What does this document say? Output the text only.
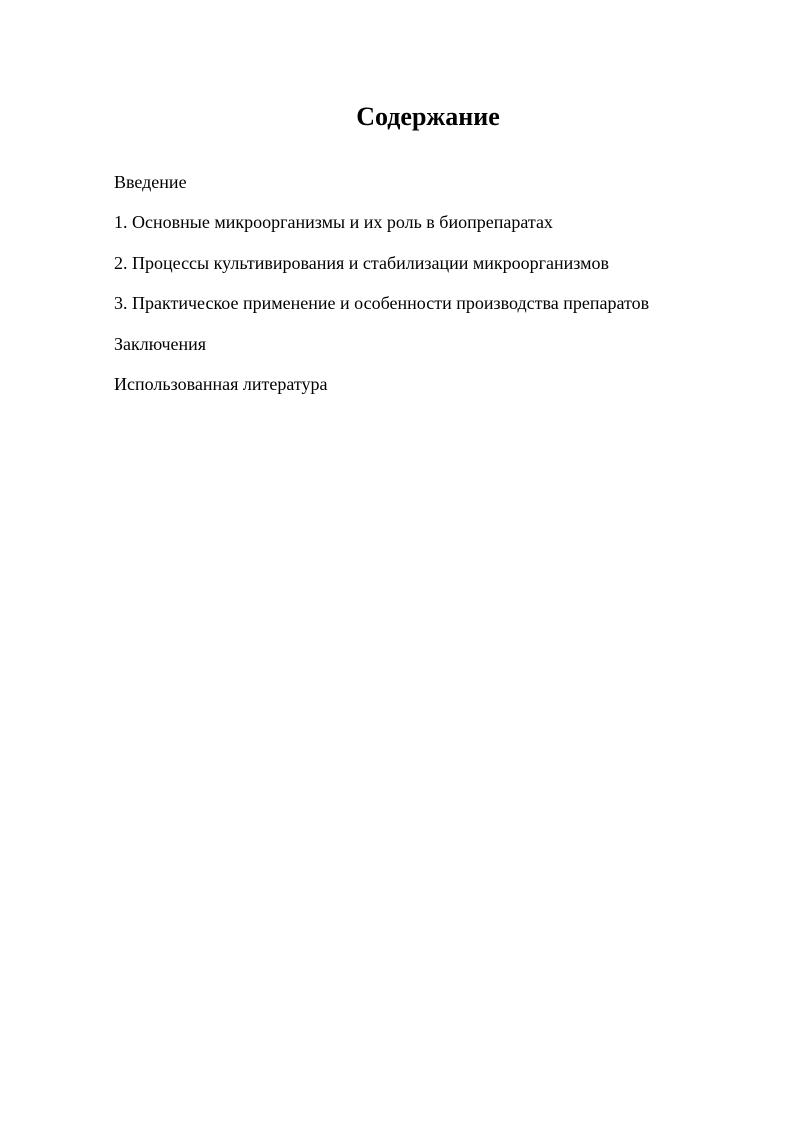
Содержание
Введение
1. Основные микроорганизмы и их роль в биопрепаратах
2. Процессы культивирования и стабилизации микроорганизмов
3. Практическое применение и особенности производства препаратов
Заключения
Использованная литература
